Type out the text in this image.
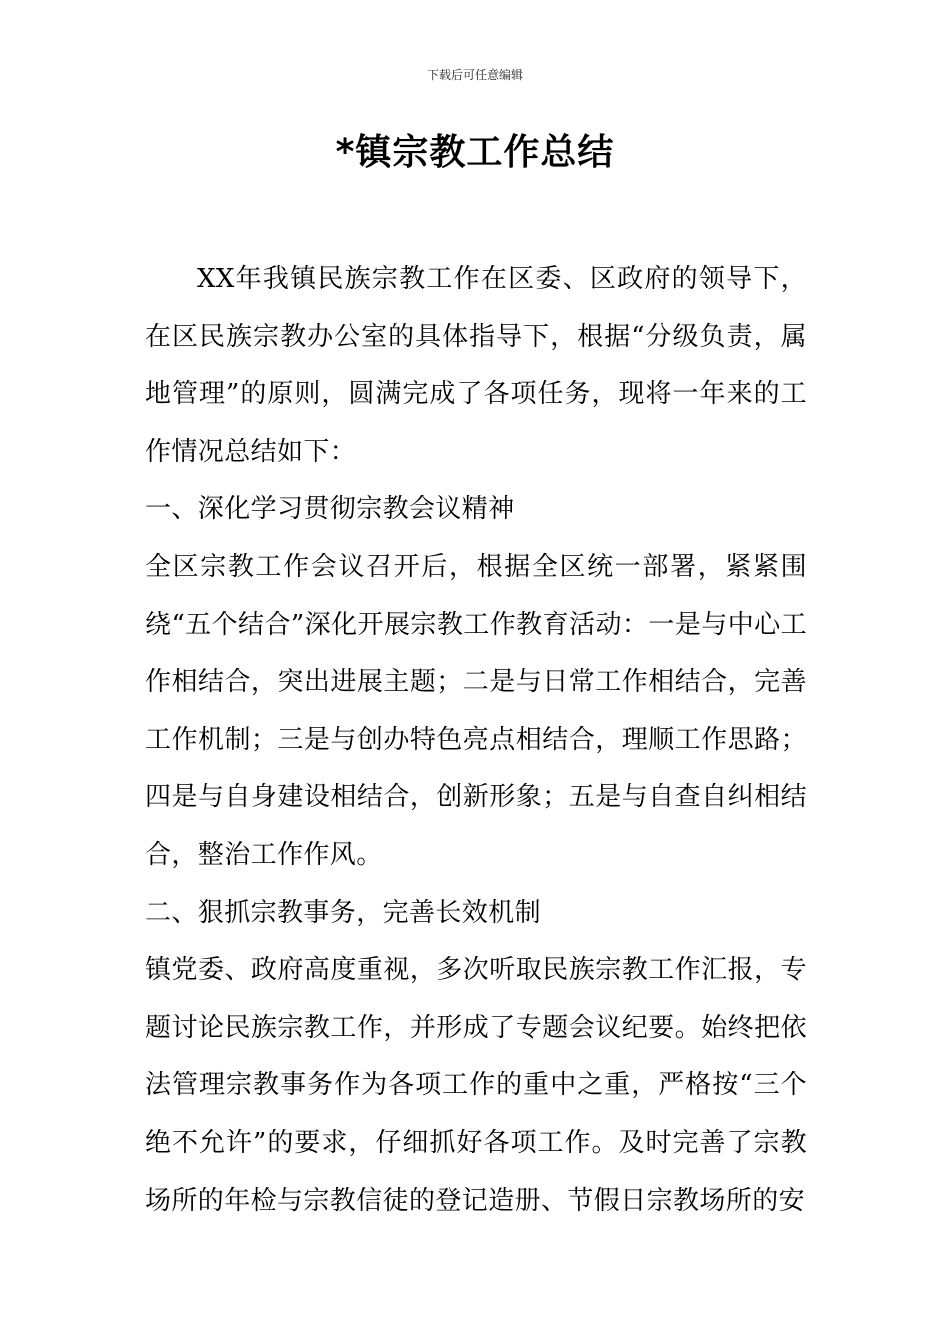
下载后可任意编辑
*镇宗教工作总结

XX年我镇民族宗教工作在区委、区政府的领导下，在区民族宗教办公室的具体指导下，根据“分级负责，属地管理”的原则，圆满完成了各项任务，现将一年来的工作情况总结如下：

一、深化学习贯彻宗教会议精神

全区宗教工作会议召开后，根据全区统一部署，紧紧围绕“五个结合”深化开展宗教工作教育活动：一是与中心工作相结合，突出进展主题；二是与日常工作相结合，完善工作机制；三是与创办特色亮点相结合，理顺工作思路；四是与自身建设相结合，创新形象；五是与自查自纠相结合，整治工作作风。

二、狠抓宗教事务，完善长效机制

镇党委、政府高度重视，多次听取民族宗教工作汇报，专题讨论民族宗教工作，并形成了专题会议纪要。始终把依法管理宗教事务作为各项工作的重中之重，严格按“三个绝不允许”的要求，仔细抓好各项工作。及时完善了宗教场所的年检与宗教信徒的登记造册、节假日宗教场所的安
